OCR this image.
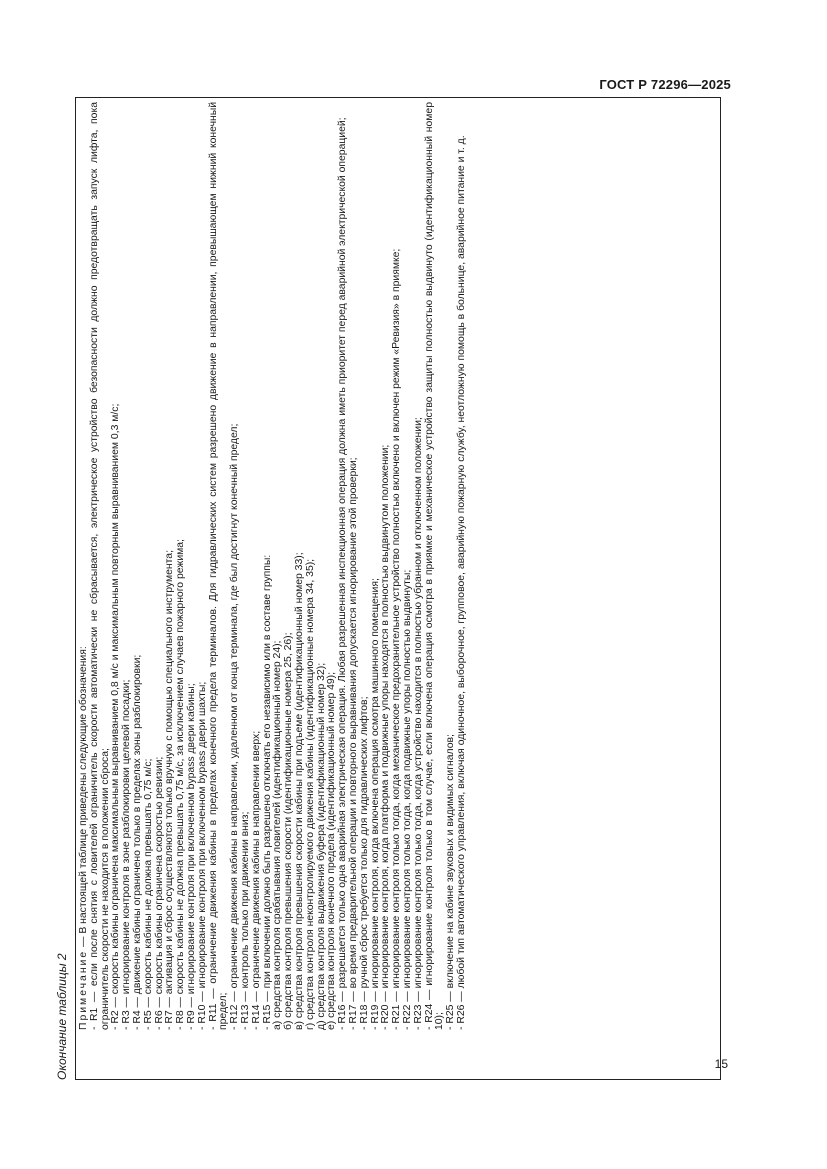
ГОСТ Р 72296—2025
15
Окончание таблицы 2 Примечание — В настоящей таблице приведены следующие обозначения: - R1 — если после снятия с ловителей ограничитель скорости автоматически не сбрасывается, электрическое устройство безопасности должно предотвращать запуск лифта, пока ограничитель скорости не находится в положении сброса; - R2 — скорость кабины ограничена максимальным выравниванием 0,8 м/с и максимальным повторным выравниванием 0,3 м/с; - R3 — игнорирование контроля в зоне разблокировки целевой посадки; - R4 — движение кабины ограничено только в пределах зоны разблокировки; - R5 — скорость кабины не должна превышать 0,75 м/с; - R6 — скорость кабины ограничена скоростью ревизии; - R7 — активация и сброс осуществляются только вручную с помощью специального инструмента; - R8 — скорость кабины не должна превышать 0,75 м/с, за исключением случаев пожарного режима; - R9 — игнорирование контроля при включенном bypass двери кабины; - R10 — игнорирование контроля при включенном bypass двери шахты; - R11 — ограничение движения кабины в пределах конечного предела терминалов. Для гидравлических систем разрешено движение в направлении, превышающем нижний конечный предел; - R12 — ограничение движения кабины в направлении, удаленном от конца терминала, где был достигнут конечный предел; - R13 — контроль только при движении вниз; - R14 — ограничение движения кабины в направлении вверх; - R15 — при включении должно быть разрешено отключать его независимо или в составе группы: а) средства контроля срабатывания ловителей (идентификационный номер 24); б) средства контроля превышения скорости (идентификационные номера 25, 26); в) средства контроля превышения скорости кабины при подъеме (идентификационный номер 33); г) средства контроля неконтролируемого движения кабины (идентификационные номера 34, 35); д) средства контроля выдвижения буфера (идентификационный номер 32); е) средства контроля конечного предела (идентификационный номер 49); - R16 — разрешается только одна аварийная электрическая операция. Любая разрешенная инспекционная операция должна иметь приоритет перед аварийной электрической операцией; - R17 — во время предварительной операции и повторного выравнивания допускается игнорирование этой проверки; - R18 — ручной сброс требуется только для гидравлических лифтов; - R19 — игнорирование контроля, когда включена операция осмотра машинного помещения; - R20 — игнорирование контроля, когда платформа и подвижные упоры находятся в полностью выдвинутом положении; - R21 — игнорирование контроля только тогда, когда механическое предохранительное устройство полностью включено и включен режим «Ревизия» в приямке; - R22 — игнорирование контроля только тогда, когда подвижные упоры полностью выдвинуты; - R23 — игнорирование контроля только тогда, когда устройство находится в полностью убранном и отключенном положении; - R24 — игнорирование контроля только в том случае, если включена операция осмотра в приямке и механическое устройство защиты полностью выдвинуто (идентификационный номер 10); - R25 — включение на кабине звуковых и видимых сигналов; - R26 — любой тип автоматического управления, включая одиночное, выборочное, групповое, аварийную пожарную службу, неотложную помощь в больнице, аварийное питание и т. д.
